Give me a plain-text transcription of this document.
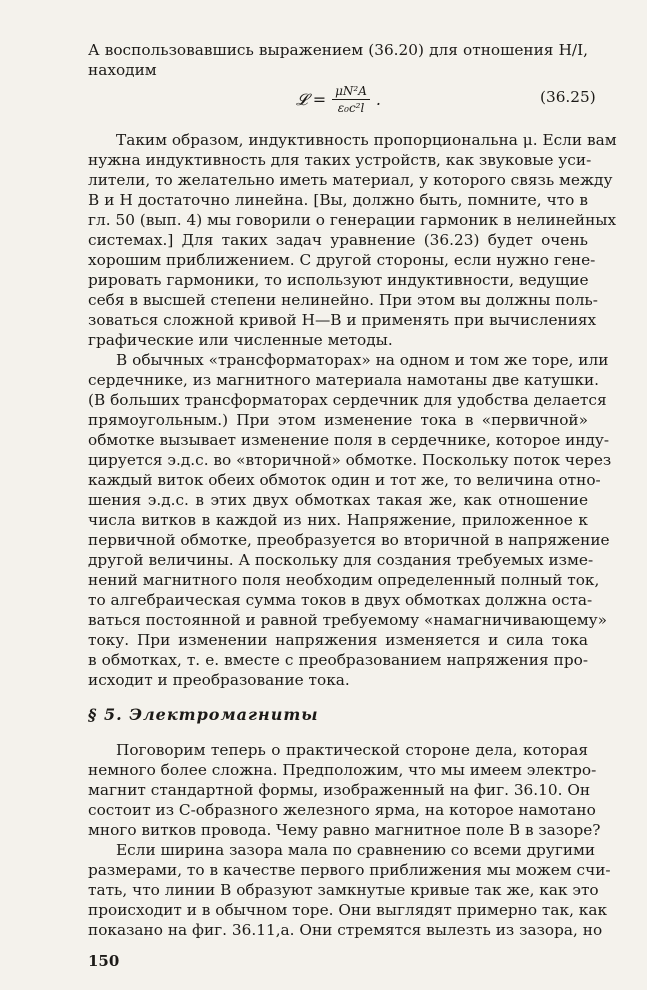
А воспользовавшись выражением (36.20) для отношения H/I,
находим
𝓛 = $\frac{\text{μN²A}}{\text{ε₀c²l}}$ .	(36.25)
Таким образом, индуктивность пропорциональна μ. Если вам
нужна индуктивность для таких устройств, как звуковые уси-
лители, то желательно иметь материал, у которого связь между
B и H достаточно линейна. [Вы, должно быть, помните, что в
гл. 50 (вып. 4) мы говорили о генерации гармоник в нелинейных
системах.] Для таких задач уравнение (36.23) будет очень
хорошим приближением. С другой стороны, если нужно гене-
рировать гармоники, то используют индуктивности, ведущие
себя в высшей степени нелинейно. При этом вы должны поль-
зоваться сложной кривой H—B и применять при вычислениях
графические или численные методы.
В обычных «трансформаторах» на одном и том же торе, или
сердечнике, из магнитного материала намотаны две катушки.
(В больших трансформаторах сердечник для удобства делается
прямоугольным.) При этом изменение тока в «первичной»
обмотке вызывает изменение поля в сердечнике, которое инду-
цируется э.д.с. во «вторичной» обмотке. Поскольку поток через
каждый виток обеих обмоток один и тот же, то величина отно-
шения э.д.с. в этих двух обмотках такая же, как отношение
числа витков в каждой из них. Напряжение, приложенное к
первичной обмотке, преобразуется во вторичной в напряжение
другой величины. А поскольку для создания требуемых изме-
нений магнитного поля необходим определенный полный ток,
то алгебраическая сумма токов в двух обмотках должна оста-
ваться постоянной и равной требуемому «намагничивающему»
току. При изменении напряжения изменяется и сила тока
в обмотках, т. е. вместе с преобразованием напряжения про-
исходит и преобразование тока.
§ 5. Электромагниты
Поговорим теперь о практической стороне дела, которая
немного более сложна. Предположим, что мы имеем электро-
магнит стандартной формы, изображенный на фиг. 36.10. Он
состоит из C-образного железного ярма, на которое намотано
много витков провода. Чему равно магнитное поле B в зазоре?
Если ширина зазора мала по сравнению со всеми другими
размерами, то в качестве первого приближения мы можем счи-
тать, что линии B образуют замкнутые кривые так же, как это
происходит и в обычном торе. Они выглядят примерно так, как
показано на фиг. 36.11,а. Они стремятся вылезть из зазора, но
150
